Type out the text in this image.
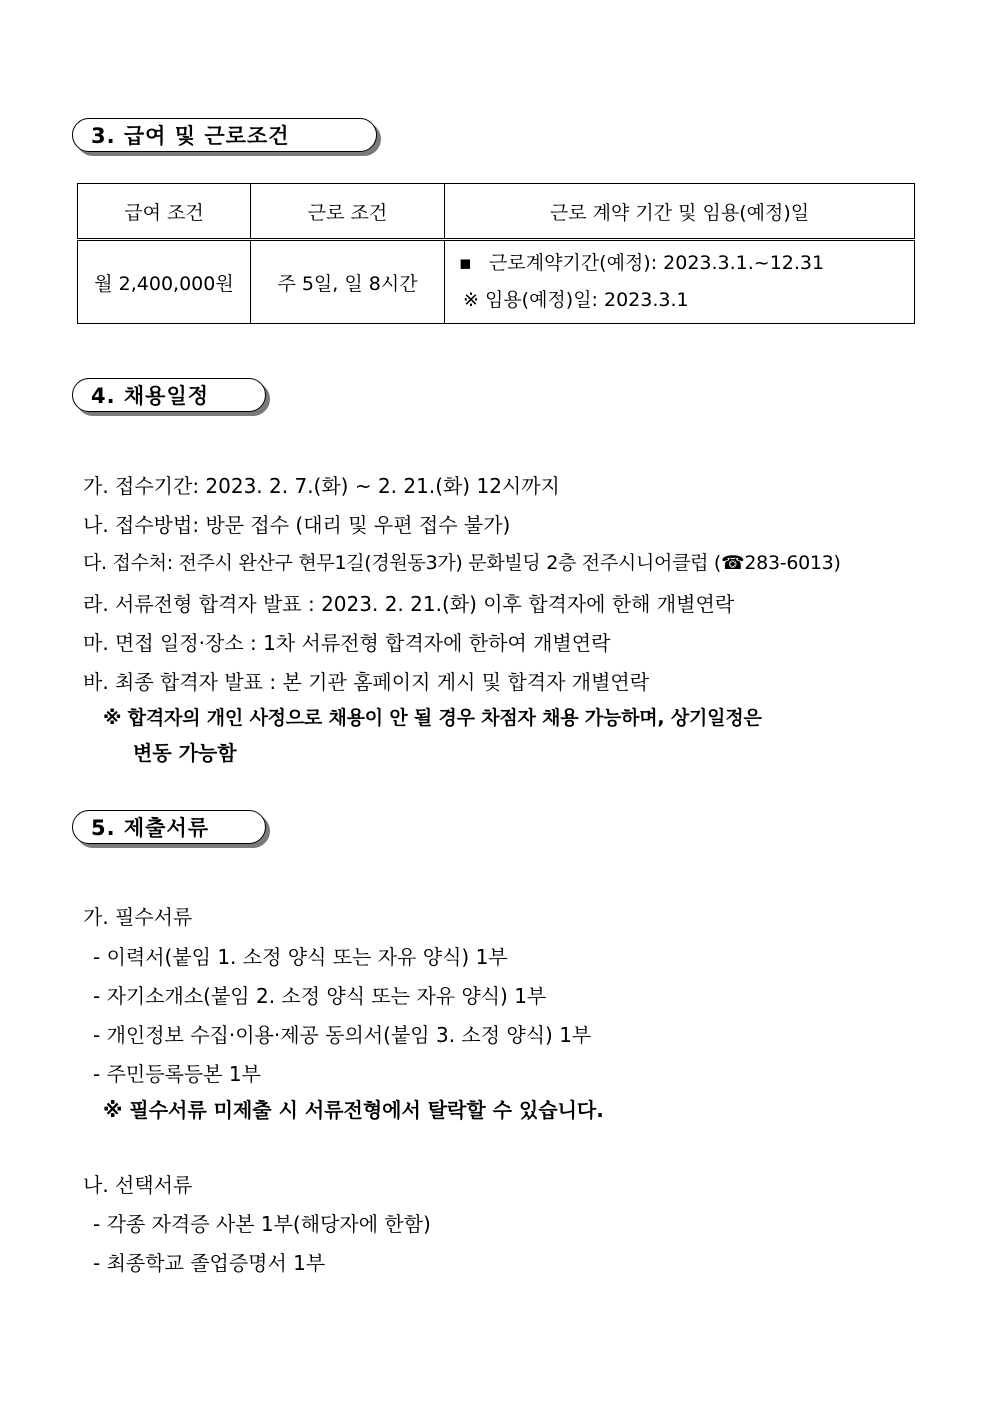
3. 급여 및 근로조건
급여 조건	근로 조건	근로 계약 기간 및 임용(예정)일
월 2,400,000원	주 5일, 일 8시간	▪ 근로계약기간(예정): 2023.3.1.~12.31
※ 임용(예정)일: 2023.3.1
4. 채용일정
가. 접수기간: 2023. 2. 7.(화) ~ 2. 21.(화) 12시까지
나. 접수방법: 방문 접수 (대리 및 우편 접수 불가)
다. 접수처: 전주시 완산구 현무1길(경원동3가) 문화빌딩 2층 전주시니어클럽 (☎283-6013)
라. 서류전형 합격자 발표 : 2023. 2. 21.(화) 이후 합격자에 한해 개별연락
마. 면접 일정·장소 : 1차 서류전형 합격자에 한하여 개별연락
바. 최종 합격자 발표 : 본 기관 홈페이지 게시 및 합격자 개별연락
※ 합격자의 개인 사정으로 채용이 안 될 경우 차점자 채용 가능하며, 상기일정은
변동 가능함
5. 제출서류
가. 필수서류
- 이력서(붙임 1. 소정 양식 또는 자유 양식) 1부
- 자기소개소(붙임 2. 소정 양식 또는 자유 양식) 1부
- 개인정보 수집·이용·제공 동의서(붙임 3. 소정 양식) 1부
- 주민등록등본 1부
※ 필수서류 미제출 시 서류전형에서 탈락할 수 있습니다.
나. 선택서류
- 각종 자격증 사본 1부(해당자에 한함)
- 최종학교 졸업증명서 1부
